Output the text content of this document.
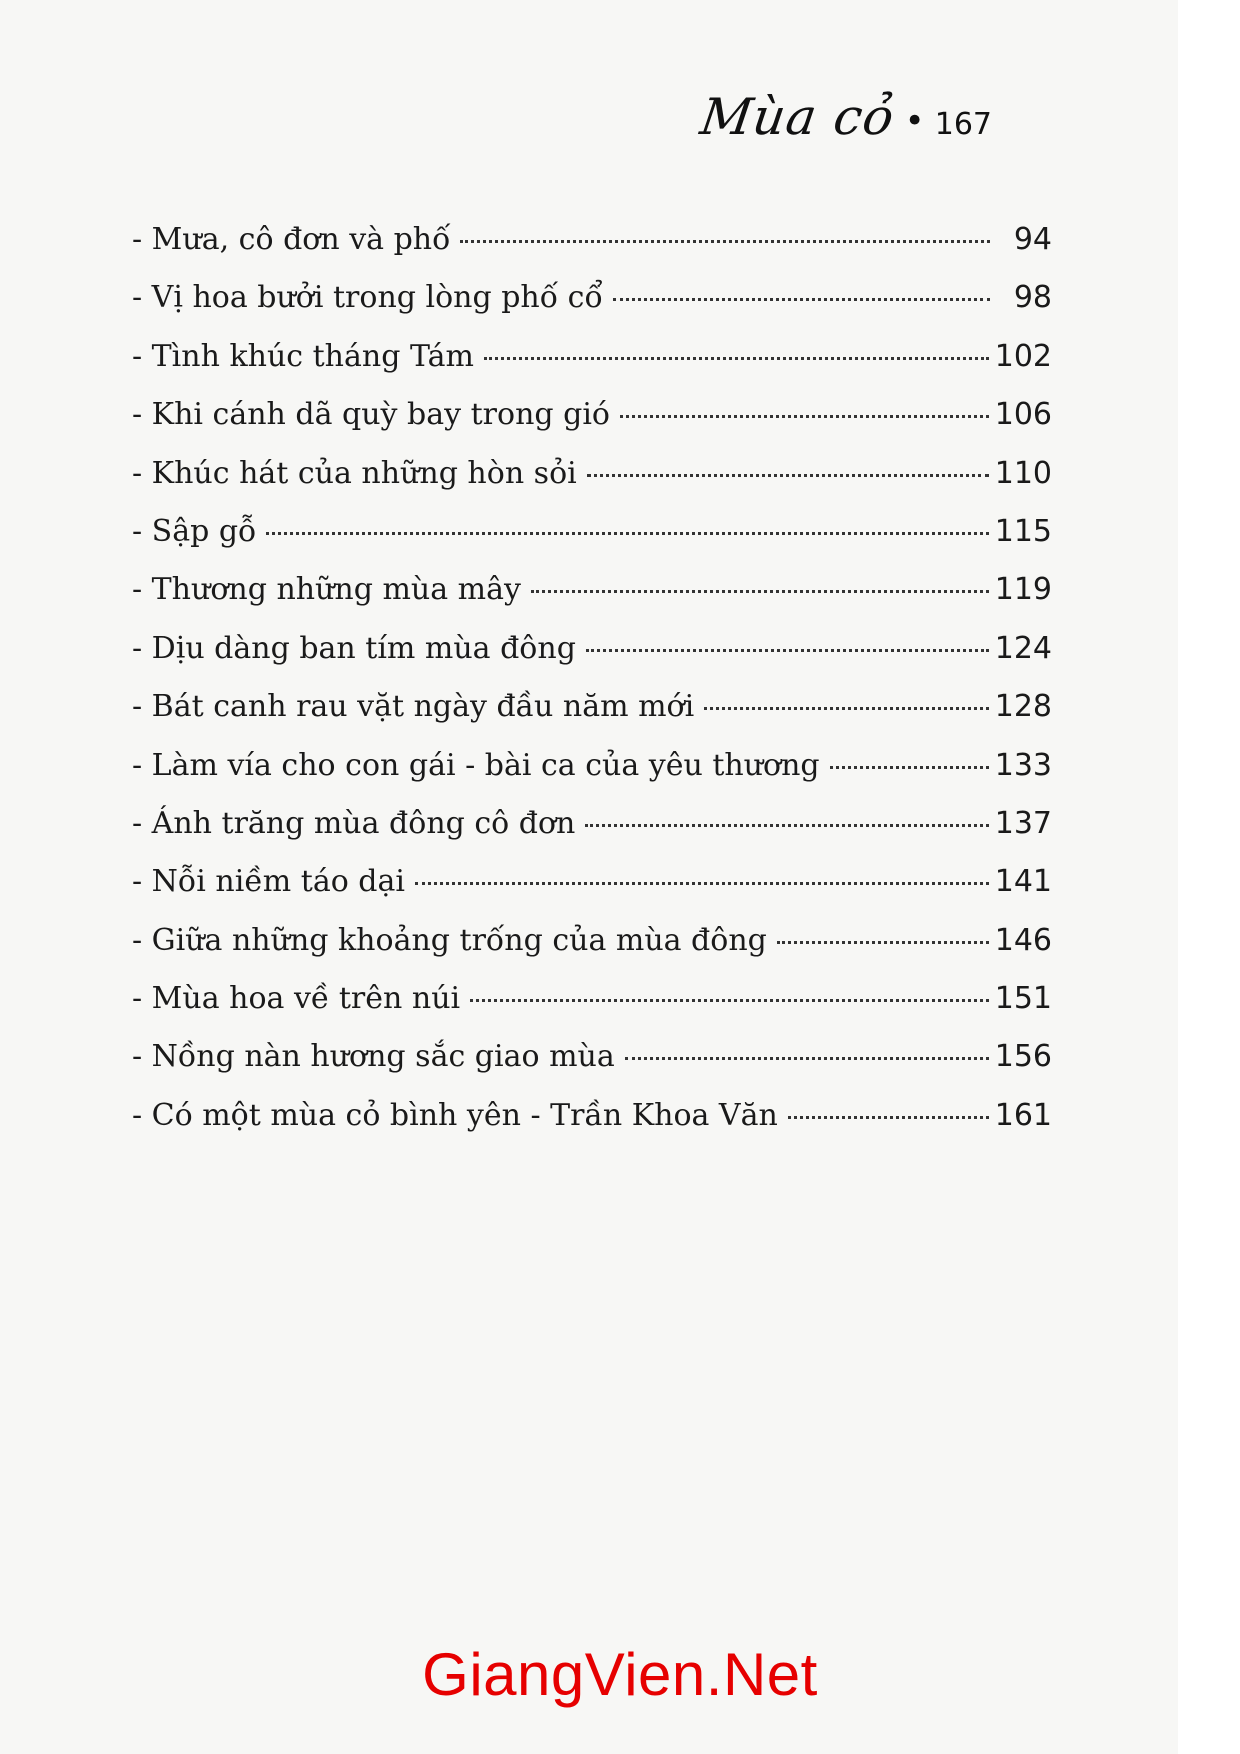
Mùa cỏ • 167
- Mưa, cô đơn và phố	94
- Vị hoa bưởi trong lòng phố cổ	98
- Tình khúc tháng Tám	102
- Khi cánh dã quỳ bay trong gió	106
- Khúc hát của những hòn sỏi	110
- Sập gỗ	115
- Thương những mùa mây	119
- Dịu dàng ban tím mùa đông	124
- Bát canh rau vặt ngày đầu năm mới	128
- Làm vía cho con gái - bài ca của yêu thương	133
- Ánh trăng mùa đông cô đơn	137
- Nỗi niềm táo dại	141
- Giữa những khoảng trống của mùa đông	146
- Mùa hoa về trên núi	151
- Nồng nàn hương sắc giao mùa	156
- Có một mùa cỏ bình yên - Trần Khoa Văn	161
GiangVien.Net
